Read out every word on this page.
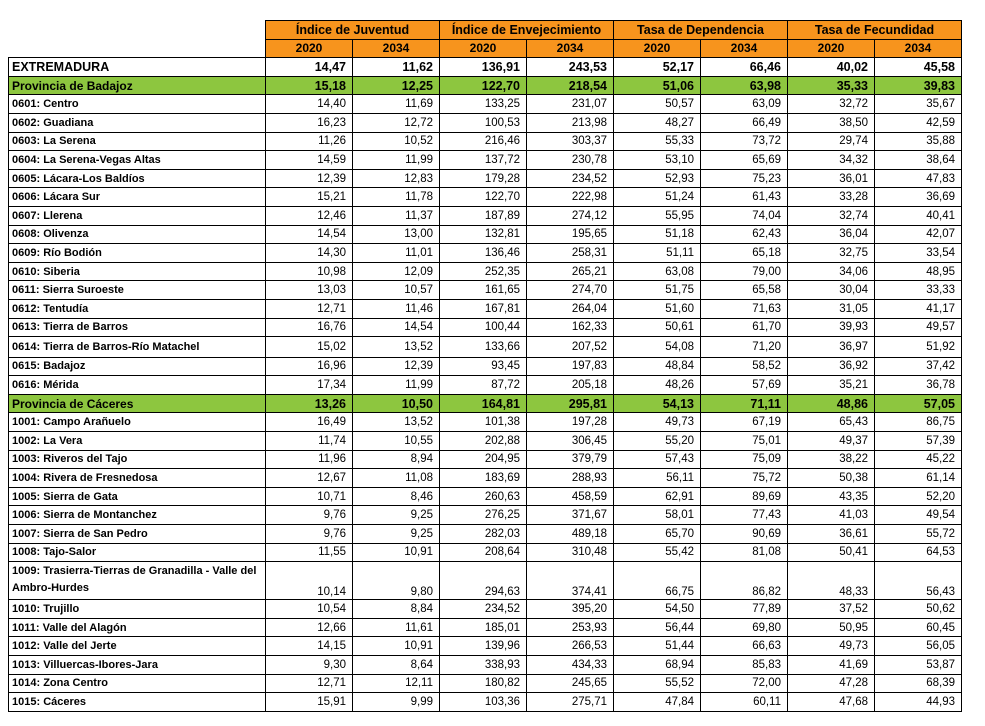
	Índice de Juventud		Índice de Envejecimiento		Tasa de Dependencia		Tasa de Fecundidad	
	2020	2034	2020	2034	2020	2034	2020	2034
EXTREMADURA	14,47	11,62	136,91	243,53	52,17	66,46	40,02	45,58
Provincia de Badajoz	15,18	12,25	122,70	218,54	51,06	63,98	35,33	39,83
0601: Centro	14,40	11,69	133,25	231,07	50,57	63,09	32,72	35,67
0602: Guadiana	16,23	12,72	100,53	213,98	48,27	66,49	38,50	42,59
0603: La Serena	11,26	10,52	216,46	303,37	55,33	73,72	29,74	35,88
0604: La Serena-Vegas Altas	14,59	11,99	137,72	230,78	53,10	65,69	34,32	38,64
0605: Lácara-Los Baldíos	12,39	12,83	179,28	234,52	52,93	75,23	36,01	47,83
0606: Lácara Sur	15,21	11,78	122,70	222,98	51,24	61,43	33,28	36,69
0607: Llerena	12,46	11,37	187,89	274,12	55,95	74,04	32,74	40,41
0608: Olivenza	14,54	13,00	132,81	195,65	51,18	62,43	36,04	42,07
0609: Río Bodión	14,30	11,01	136,46	258,31	51,11	65,18	32,75	33,54
0610: Siberia	10,98	12,09	252,35	265,21	63,08	79,00	34,06	48,95
0611: Sierra Suroeste	13,03	10,57	161,65	274,70	51,75	65,58	30,04	33,33
0612: Tentudía	12,71	11,46	167,81	264,04	51,60	71,63	31,05	41,17
0613: Tierra de Barros	16,76	14,54	100,44	162,33	50,61	61,70	39,93	49,57
0614: Tierra de Barros-Río Matachel	15,02	13,52	133,66	207,52	54,08	71,20	36,97	51,92
0615: Badajoz	16,96	12,39	93,45	197,83	48,84	58,52	36,92	37,42
0616: Mérida	17,34	11,99	87,72	205,18	48,26	57,69	35,21	36,78
Provincia de Cáceres	13,26	10,50	164,81	295,81	54,13	71,11	48,86	57,05
1001: Campo Arañuelo	16,49	13,52	101,38	197,28	49,73	67,19	65,43	86,75
1002: La Vera	11,74	10,55	202,88	306,45	55,20	75,01	49,37	57,39
1003: Riveros del Tajo	11,96	8,94	204,95	379,79	57,43	75,09	38,22	45,22
1004: Rivera de Fresnedosa	12,67	11,08	183,69	288,93	56,11	75,72	50,38	61,14
1005: Sierra de Gata	10,71	8,46	260,63	458,59	62,91	89,69	43,35	52,20
1006: Sierra de Montanchez	9,76	9,25	276,25	371,67	58,01	77,43	41,03	49,54
1007: Sierra de San Pedro	9,76	9,25	282,03	489,18	65,70	90,69	36,61	55,72
1008: Tajo-Salor	11,55	10,91	208,64	310,48	55,42	81,08	50,41	64,53
1009: Trasierra-Tierras de Granadilla - Valle del Ambro-Hurdes	10,14	9,80	294,63	374,41	66,75	86,82	48,33	56,43
1010: Trujillo	10,54	8,84	234,52	395,20	54,50	77,89	37,52	50,62
1011: Valle del Alagón	12,66	11,61	185,01	253,93	56,44	69,80	50,95	60,45
1012: Valle del Jerte	14,15	10,91	139,96	266,53	51,44	66,63	49,73	56,05
1013: Villuercas-Ibores-Jara	9,30	8,64	338,93	434,33	68,94	85,83	41,69	53,87
1014: Zona Centro	12,71	12,11	180,82	245,65	55,52	72,00	47,28	68,39
1015: Cáceres	15,91	9,99	103,36	275,71	47,84	60,11	47,68	44,93
